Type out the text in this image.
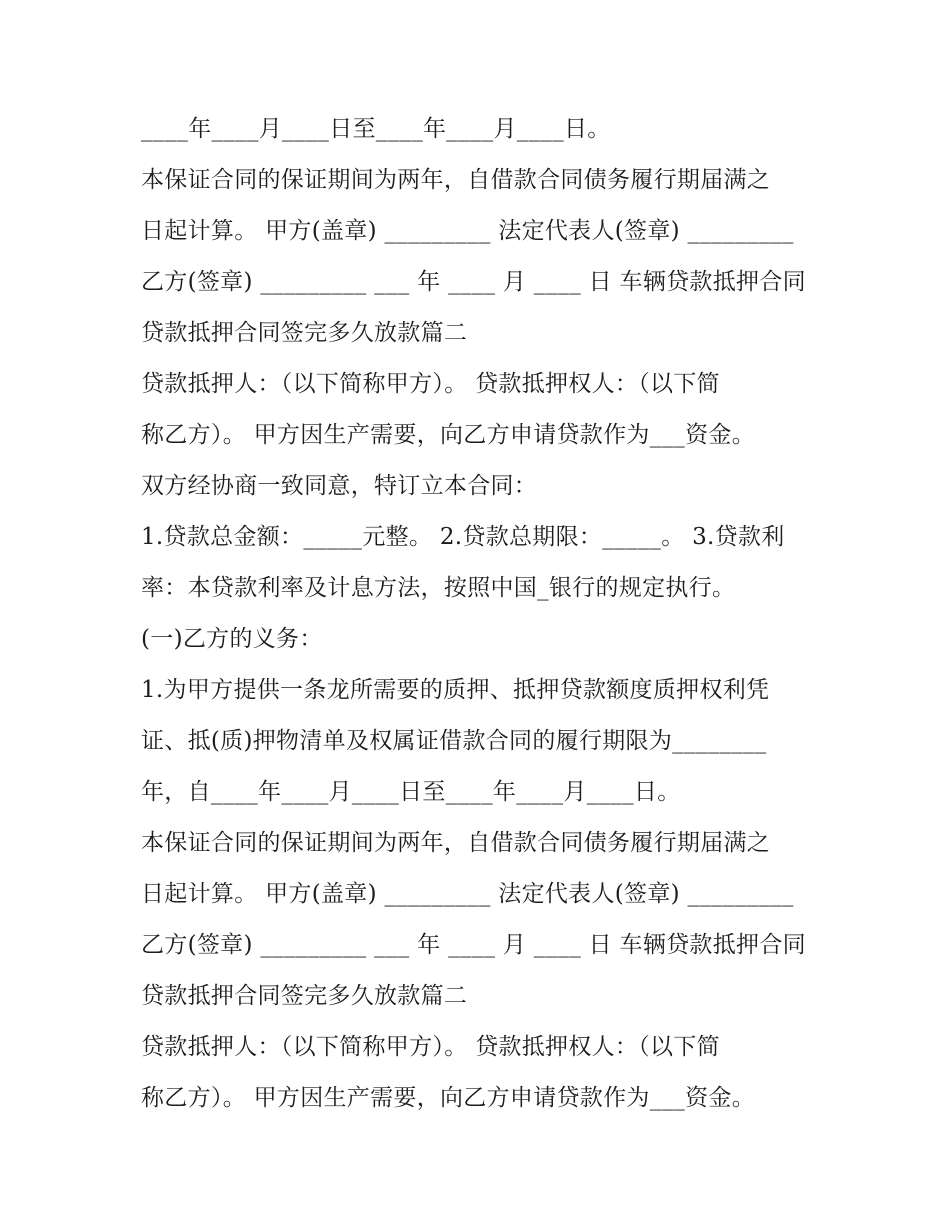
____年____月____日至____年____月____日。
本保证合同的保证期间为两年，自借款合同债务履行期届满之
日起计算。 甲方(盖章) _________ 法定代表人(签章) _________
乙方(签章) _________ ___ 年 ____ 月 ____ 日 车辆贷款抵押合同
贷款抵押合同签完多久放款篇二
贷款抵押人：（以下简称甲方）。 贷款抵押权人：（以下简
称乙方）。 甲方因生产需要，向乙方申请贷款作为___资金。
双方经协商一致同意，特订立本合同：
1.贷款总金额：_____元整。 2.贷款总期限：_____。 3.贷款利
率：本贷款利率及计息方法，按照中国_银行的规定执行。
(一)乙方的义务：
1.为甲方提供一条龙所需要的质押、抵押贷款额度质押权利凭
证、抵(质)押物清单及权属证借款合同的履行期限为________
年，自____年____月____日至____年____月____日。
本保证合同的保证期间为两年，自借款合同债务履行期届满之
日起计算。 甲方(盖章) _________ 法定代表人(签章) _________
乙方(签章) _________ ___ 年 ____ 月 ____ 日 车辆贷款抵押合同
贷款抵押合同签完多久放款篇二
贷款抵押人：（以下简称甲方）。 贷款抵押权人：（以下简
称乙方）。 甲方因生产需要，向乙方申请贷款作为___资金。
